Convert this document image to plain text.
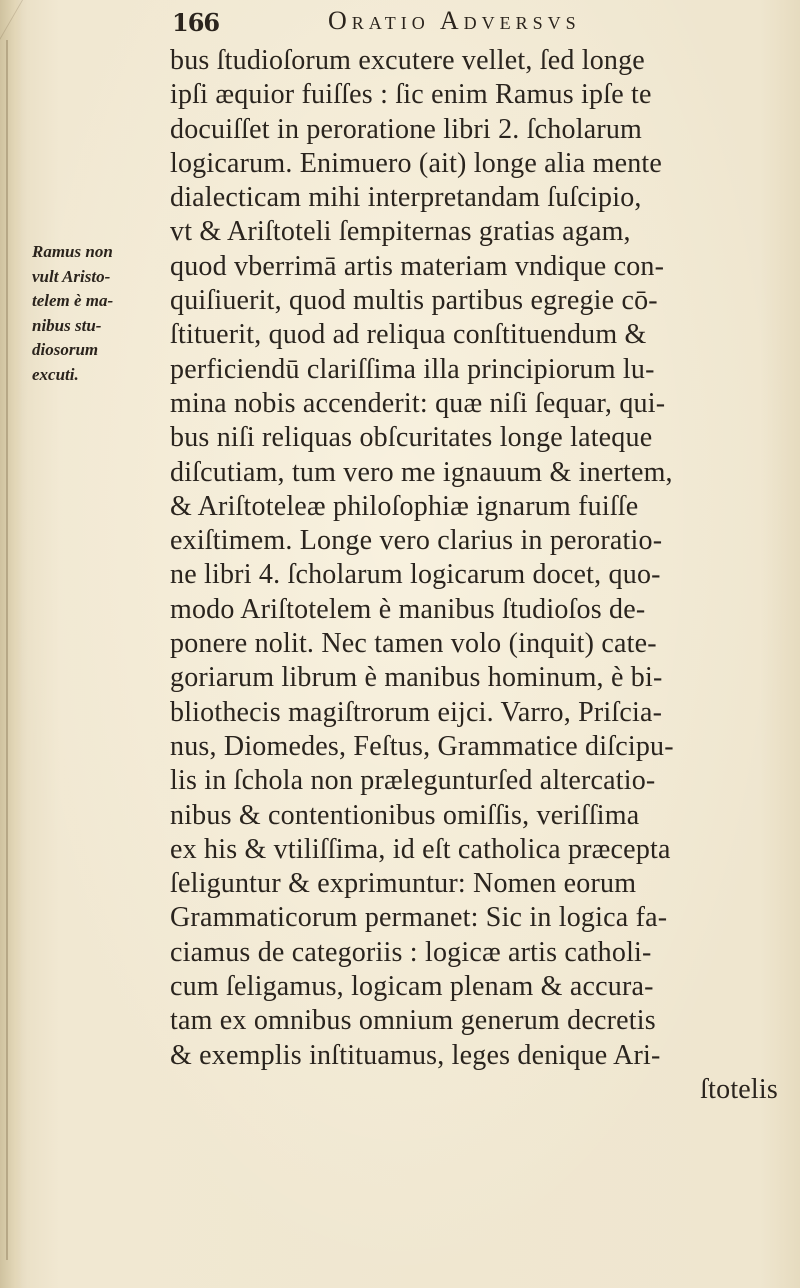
166	Oratio Adversvs
Ramus non
vult Aristo-
telem è ma-
nibus stu-
diosorum
excuti.
bus ſtudioſorum excutere vellet, ſed longe
ipſi æquior fuiſſes : ſic enim Ramus ipſe te
docuiſſet in peroratione libri 2. ſcholarum
logicarum. Enimuero (ait) longe alia mente
dialecticam mihi interpretandam ſuſcipio,
vt & Ariſtoteli ſempiternas gratias agam,
quod vberrimā artis materiam vndique con-
quiſiuerit, quod multis partibus egregie cō-
ſtituerit, quod ad reliqua conſtituendum &
perficiendū clariſſima illa principiorum lu-
mina nobis accenderit: quæ niſi ſequar, qui-
bus niſi reliquas obſcuritates longe lateque
diſcutiam, tum vero me ignauum & inertem,
& Ariſtoteleæ philoſophiæ ignarum fuiſſe
exiſtimem. Longe vero clarius in peroratio-
ne libri 4. ſcholarum logicarum docet, quo-
modo Ariſtotelem è manibus ſtudioſos de-
ponere nolit. Nec tamen volo (inquit) cate-
goriarum librum è manibus hominum, è bi-
bliothecis magiſtrorum eijci. Varro, Priſcia-
nus, Diomedes, Feſtus, Grammatice diſcipu-
lis in ſchola non prælegunturſed altercatio-
nibus & contentionibus omiſſis, veriſſima
ex his & vtiliſſima, id eſt catholica præcepta
ſeliguntur & exprimuntur: Nomen eorum
Grammaticorum permanet: Sic in logica fa-
ciamus de categoriis : logicæ artis catholi-
cum ſeligamus, logicam plenam & accura-
tam ex omnibus omnium generum decretis
& exemplis inſtituamus, leges denique Ari-
ſtotelis
